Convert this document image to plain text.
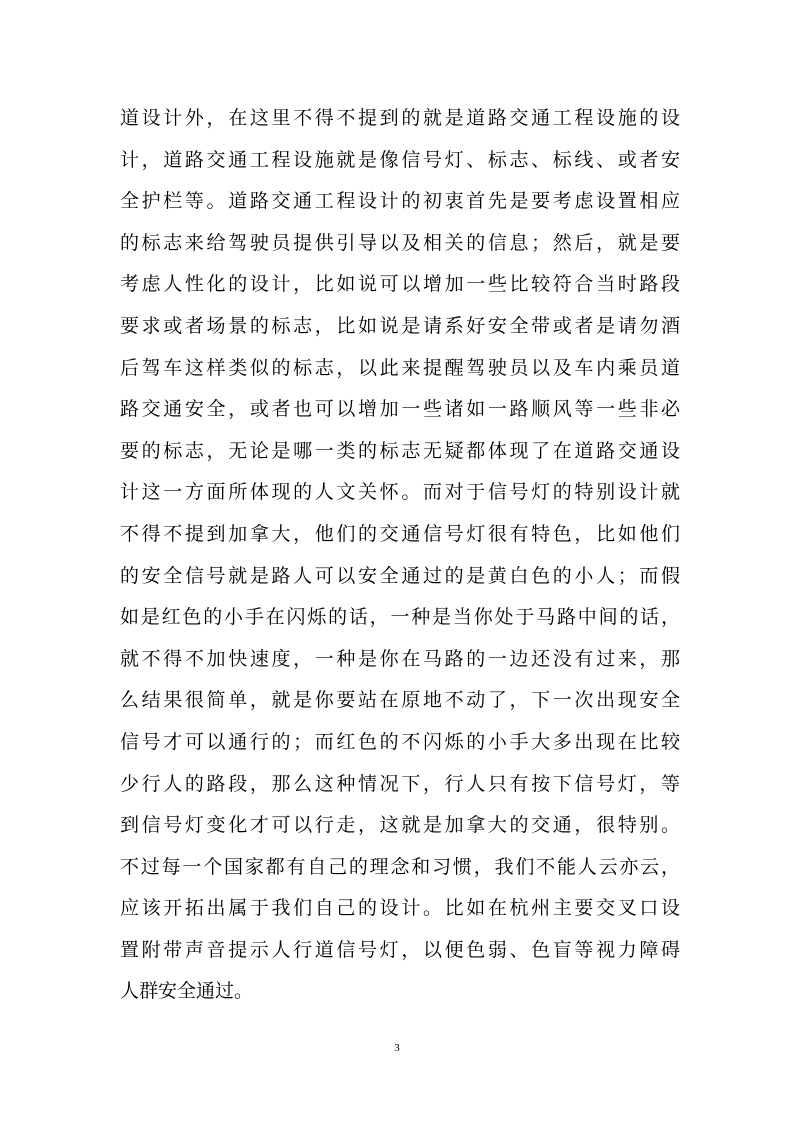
道设计外，在这里不得不提到的就是道路交通工程设施的设
计，道路交通工程设施就是像信号灯、标志、标线、或者安
全护栏等。道路交通工程设计的初衷首先是要考虑设置相应
的标志来给驾驶员提供引导以及相关的信息；然后，就是要
考虑人性化的设计，比如说可以增加一些比较符合当时路段
要求或者场景的标志，比如说是请系好安全带或者是请勿酒
后驾车这样类似的标志，以此来提醒驾驶员以及车内乘员道
路交通安全，或者也可以增加一些诸如一路顺风等一些非必
要的标志，无论是哪一类的标志无疑都体现了在道路交通设
计这一方面所体现的人文关怀。而对于信号灯的特别设计就
不得不提到加拿大，他们的交通信号灯很有特色，比如他们
的安全信号就是路人可以安全通过的是黄白色的小人；而假
如是红色的小手在闪烁的话，一种是当你处于马路中间的话，
就不得不加快速度，一种是你在马路的一边还没有过来，那
么结果很简单，就是你要站在原地不动了，下一次出现安全
信号才可以通行的；而红色的不闪烁的小手大多出现在比较
少行人的路段，那么这种情况下，行人只有按下信号灯，等
到信号灯变化才可以行走，这就是加拿大的交通，很特别。
不过每一个国家都有自己的理念和习惯，我们不能人云亦云，
应该开拓出属于我们自己的设计。比如在杭州主要交叉口设
置附带声音提示人行道信号灯，以便色弱、色盲等视力障碍
人群安全通过。
3
